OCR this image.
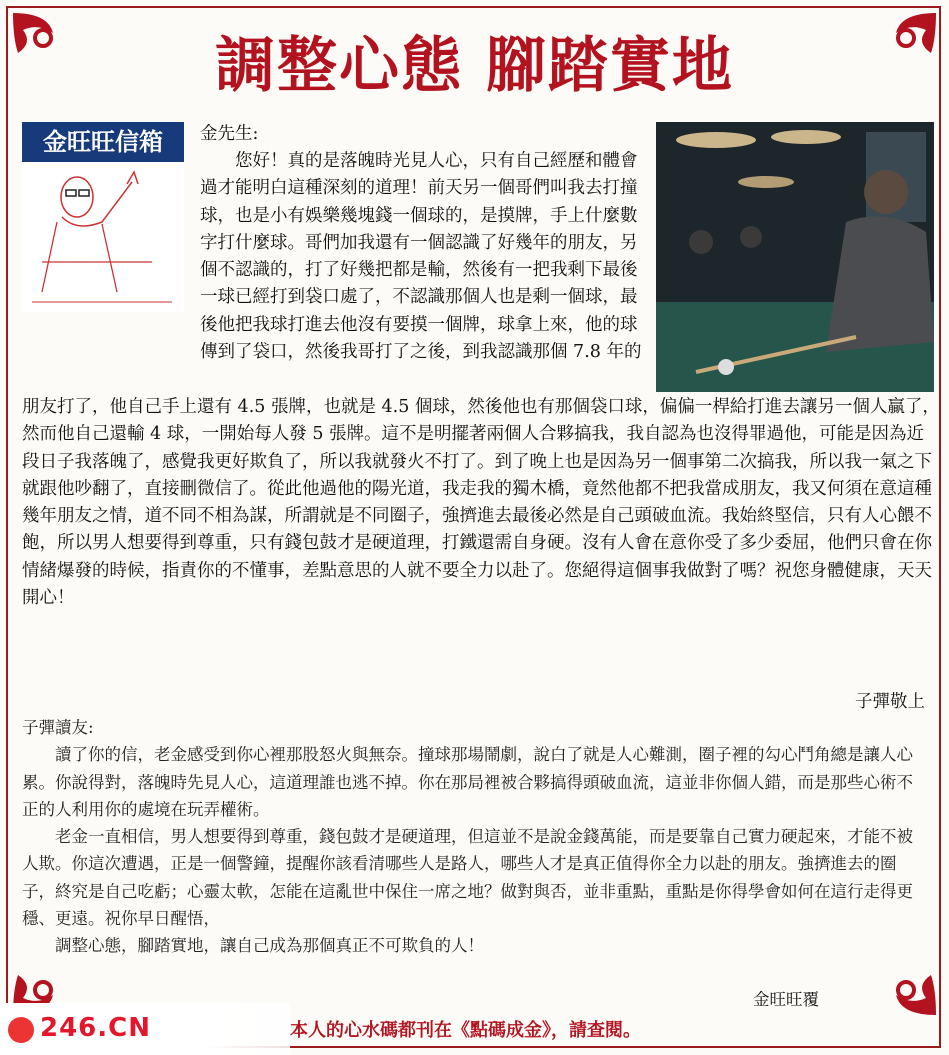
調整心態 腳踏實地
金旺旺信箱	金先生:

您好！真的是落魄時光見人心，只有自己經歷和體會過才能明白這種深刻的道理！前天另一個哥們叫我去打撞球，也是小有娛樂幾塊錢一個球的，是摸牌，手上什麼數字打什麼球。哥們加我還有一個認識了好幾年的朋友，另個不認識的，打了好幾把都是輸，然後有一把我剩下最後一球已經打到袋口處了，不認識那個人也是剩一個球，最後他把我球打進去他沒有要摸一個牌，球拿上來，他的球傳到了袋口，然後我哥打了之後，到我認識那個 7.8 年的

朋友打了，他自己手上還有 4.5 張牌，也就是 4.5 個球，然後他也有那個袋口球，偏偏一桿給打進去讓另一個人贏了，然而他自己還輸 4 球，一開始每人發 5 張牌。這不是明擺著兩個人合夥搞我，我自認為也沒得罪過他，可能是因為近段日子我落魄了，感覺我更好欺負了，所以我就發火不打了。到了晚上也是因為另一個事第二次搞我，所以我一氣之下就跟他吵翻了，直接刪微信了。從此他過他的陽光道，我走我的獨木橋，竟然他都不把我當成朋友，我又何須在意這種幾年朋友之情，道不同不相為謀，所謂就是不同圈子，強擠進去最後必然是自己頭破血流。我始終堅信，只有人心餵不飽，所以男人想要得到尊重，只有錢包鼓才是硬道理，打鐵還需自身硬。沒有人會在意你受了多少委屈，他們只會在你情緒爆發的時候，指責你的不懂事，差點意思的人就不要全力以赴了。您絕得這個事我做對了嗎？祝您身體健康，天天開心！

子彈敬上

子彈讀友:

讀了你的信，老金感受到你心裡那股怒火與無奈。撞球那場鬧劇，說白了就是人心難測，圈子裡的勾心鬥角總是讓人心累。你說得對，落魄時先見人心，這道理誰也逃不掉。你在那局裡被合夥搞得頭破血流，這並非你個人錯，而是那些心術不正的人利用你的處境在玩弄權術。

老金一直相信，男人想要得到尊重，錢包鼓才是硬道理，但這並不是說金錢萬能，而是要靠自己實力硬起來，才能不被人欺。你這次遭遇，正是一個警鐘，提醒你該看清哪些人是路人，哪些人才是真正值得你全力以赴的朋友。強擠進去的圈子，終究是自己吃虧；心靈太軟，怎能在這亂世中保住一席之地？做對與否，並非重點，重點是你得學會如何在這行走得更穩、更遠。祝你早日醒悟，

調整心態，腳踏實地，讓自己成為那個真正不可欺負的人！

金旺旺覆
本人的心水碼都刊在《點碼成金》，請查閱。
246.CN
